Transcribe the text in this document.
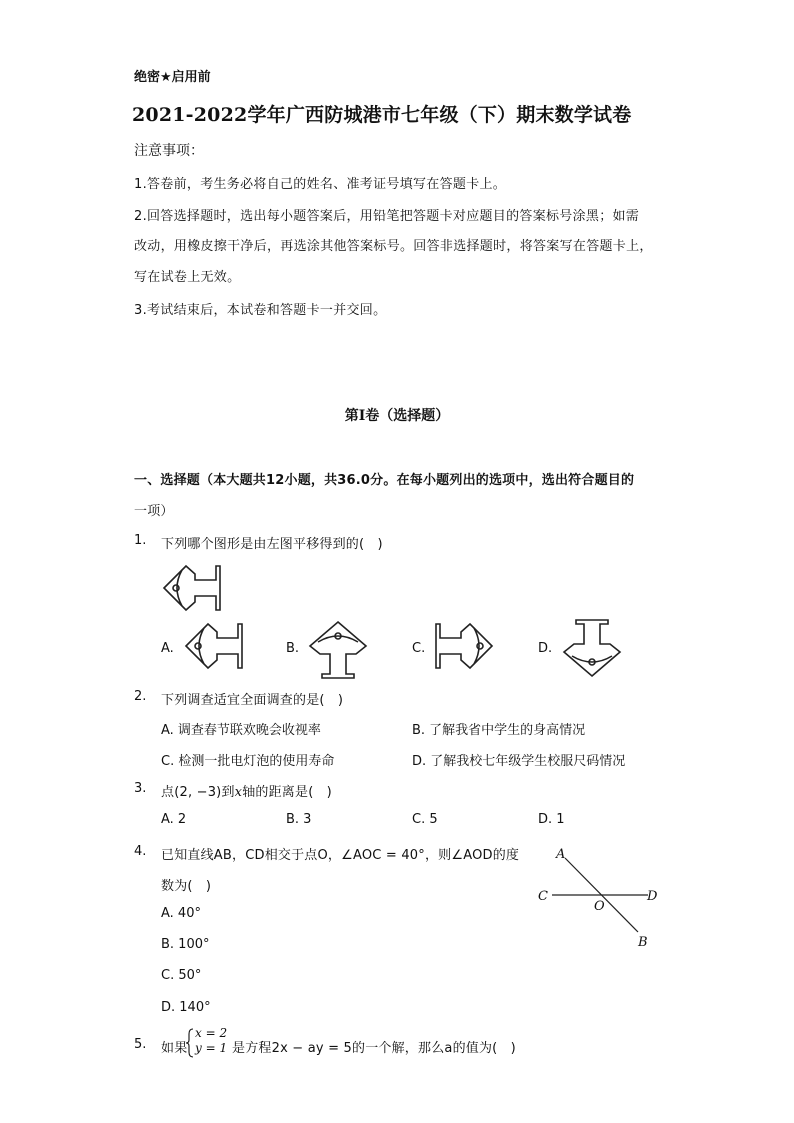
绝密★启用前
2021-2022学年广西防城港市七年级（下）期末数学试卷
注意事项：
1.答卷前，考生务必将自己的姓名、准考证号填写在答题卡上。
2.回答选择题时，选出每小题答案后，用铅笔把答题卡对应题目的答案标号涂黑；如需
改动，用橡皮擦干净后，再选涂其他答案标号。回答非选择题时，将答案写在答题卡上，
写在试卷上无效。
3.考试结束后，本试卷和答题卡一并交回。
第I卷（选择题）
一、选择题（本大题共12小题，共36.0分。在每小题列出的选项中，选出符合题目的
一项）
1. 下列哪个图形是由左图平移得到的(　)
A.	B.	C.	D.
2. 下列调查适宜全面调查的是(　)
A. 调查春节联欢晚会收视率	B. 了解我省中学生的身高情况
C. 检测一批电灯泡的使用寿命	D. 了解我校七年级学生校服尺码情况
3. 点(2, −3)到x轴的距离是(　)
A. 2	B. 3	C. 5	D. 1
4. 已知直线AB，CD相交于点O，∠AOC = 40°，则∠AOD的度
数为(　)
A. 40°
B. 100°
C. 50°
D. 140°
A
C	D
O
B
5. 如果
x = 2
y = 1 是方程2x − ay = 5的一个解，那么a的值为(　)
